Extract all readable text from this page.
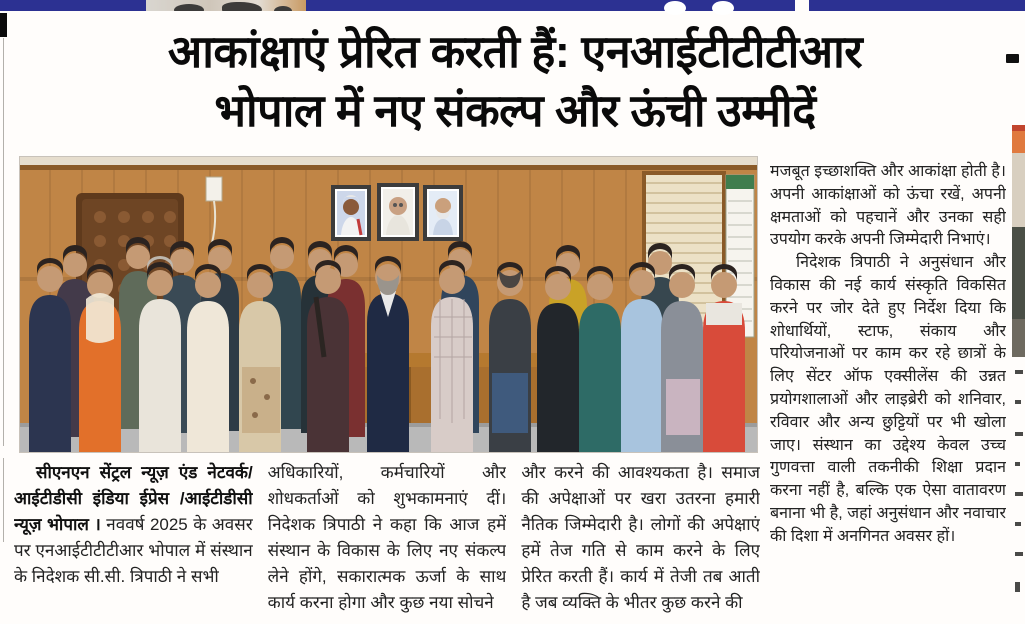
आकांक्षाएं प्रेरित करती हैं: एनआईटीटीटीआर
भोपाल में नए संकल्प और ऊंची उम्मीदें

मजबूत इच्छाशक्ति और आकांक्षा होती है। अपनी आकांक्षाओं को ऊंचा रखें, अपनी क्षमताओं को पहचानें और उनका सही उपयोग करके अपनी जिम्मेदारी निभाएं।

निदेशक त्रिपाठी ने अनुसंधान और विकास की नई कार्य संस्कृति विकसित करने पर जोर देते हुए निर्देश दिया कि शोधार्थियों, स्टाफ, संकाय और परियोजनाओं पर काम कर रहे छात्रों के लिए सेंटर ऑफ एक्सीलेंस की उन्नत प्रयोगशालाओं और लाइब्रेरी को शनिवार, रविवार और अन्य छुट्टियों पर भी खोला जाए। संस्थान का उद्देश्य केवल उच्च गुणवत्ता वाली तकनीकी शिक्षा प्रदान करना नहीं है, बल्कि एक ऐसा वातावरण बनाना भी है, जहां अनुसंधान और नवाचार की दिशा में अनगिनत अवसर हों।

सीएनएन सेंट्रल न्यूज़ एंड नेटवर्क/आईटीडीसी इंडिया ईप्रेस /आईटीडीसी न्यूज़ भोपाल । नववर्ष 2025 के अवसर पर एनआईटीटीटीआर भोपाल में संस्थान के निदेशक सी.सी. त्रिपाठी ने सभी

अधिकारियों, कर्मचारियों और शोधकर्ताओं को शुभकामनाएं दीं। निदेशक त्रिपाठी ने कहा कि आज हमें संस्थान के विकास के लिए नए संकल्प लेने होंगे, सकारात्मक ऊर्जा के साथ कार्य करना होगा और कुछ नया सोचने

और करने की आवश्यकता है। समाज की अपेक्षाओं पर खरा उतरना हमारी नैतिक जिम्मेदारी है। लोगों की अपेक्षाएं हमें तेज गति से काम करने के लिए प्रेरित करती हैं। कार्य में तेजी तब आती है जब व्यक्ति के भीतर कुछ करने की
